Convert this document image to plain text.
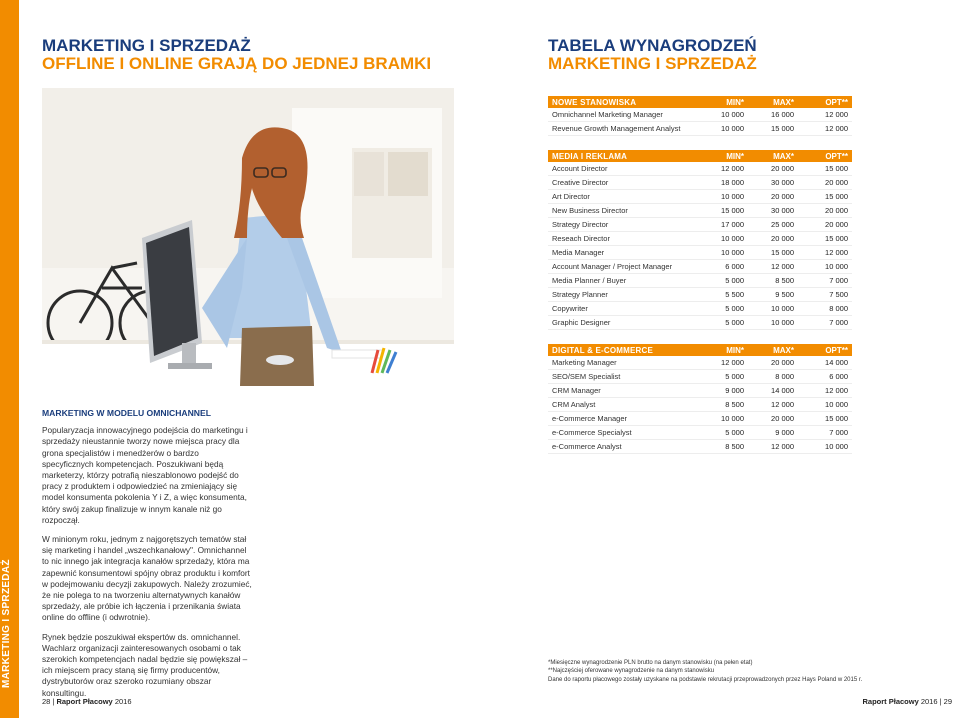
MARKETING I SPRZEDAŻ
MARKETING I SPRZEDAŻ
OFFLINE I ONLINE GRAJĄ DO JEDNEJ BRAMKI
MARKETING W MODELU OMNICHANNEL

Popularyzacja innowacyjnego podejścia do marketingu i sprzedaży nieustannie tworzy nowe miejsca pracy dla grona specjalistów i menedżerów o bardzo specyficznych kompetencjach. Poszukiwani będą marketerzy, którzy potrafią nieszablonowo podejść do pracy z produktem i odpowiedzieć na zmieniający się model konsumenta pokolenia Y i Z, a więc konsumenta, który swój zakup finalizuje w innym kanale niż go rozpoczął.

W minionym roku, jednym z najgorętszych tematów stał się marketing i handel „wszechkanałowy". Omnichannel to nic innego jak integracja kanałów sprzedaży, która ma zapewnić konsumentowi spójny obraz produktu i komfort w podejmowaniu decyzji zakupowych. Należy zrozumieć, że nie polega to na tworzeniu alternatywnych kanałów sprzedaży, ale próbie ich łączenia i przenikania świata online do offline (i odwrotnie).

Rynek będzie poszukiwał ekspertów ds. omnichannel. Wachlarz organizacji zainteresowanych osobami o tak szerokich kompetencjach nadal będzie się powiększał – ich miejscem pracy staną się firmy producentów, dystrybutorów oraz szeroko rozumiany obszar konsultingu.

28 | Raport Płacowy 2016
TABELA WYNAGRODZEŃ
MARKETING I SPRZEDAŻ
NOWE STANOWISKA	MIN*	MAX*	OPT**
Omnichannel Marketing Manager	10 000	16 000	12 000
Revenue Growth Management Analyst	10 000	15 000	12 000
MEDIA I REKLAMA	MIN*	MAX*	OPT**
Account Director	12 000	20 000	15 000
Creative Director	18 000	30 000	20 000
Art Director	10 000	20 000	15 000
New Business Director	15 000	30 000	20 000
Strategy Director	17 000	25 000	20 000
Reseach Director	10 000	20 000	15 000
Media Manager	10 000	15 000	12 000
Account Manager / Project Manager	6 000	12 000	10 000
Media Planner / Buyer	5 000	8 500	7 000
Strategy Planner	5 500	9 500	7 500
Copywriter	5 000	10 000	8 000
Graphic Designer	5 000	10 000	7 000
DIGITAL & E-COMMERCE	MIN*	MAX*	OPT**
Marketing Manager	12 000	20 000	14 000
SEO/SEM Specialist	5 000	8 000	6 000
CRM Manager	9 000	14 000	12 000
CRM Analyst	8 500	12 000	10 000
e-Commerce Manager	10 000	20 000	15 000
e-Commerce Specialyst	5 000	9 000	7 000
e-Commerce Analyst	8 500	12 000	10 000
*Miesięczne wynagrodzenie PLN brutto na danym stanowisku (na pełen etat)
**Najczęściej oferowane wynagrodzenie na danym stanowisku
Dane do raportu płacowego zostały uzyskane na podstawie rekrutacji przeprowadzonych przez Hays Poland w 2015 r.
Raport Płacowy 2016 | 29
